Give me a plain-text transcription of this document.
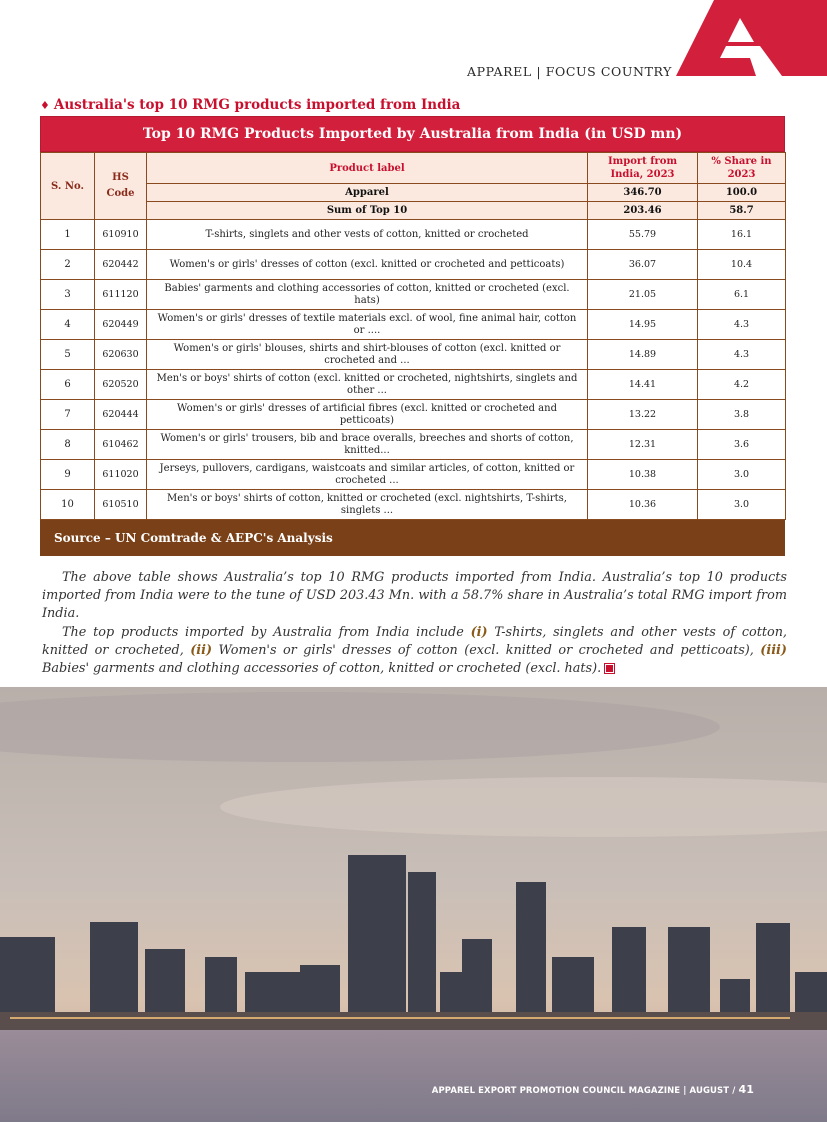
APPAREL | FOCUS COUNTRY
♦ Australia's top 10 RMG products imported from India
Top 10 RMG Products Imported by Australia from India (in USD mn)
S. No.	HS Code	Product label	Import from India, 2023	% Share in 2023
		Apparel	346.70	100.0
		Sum of Top 10	203.46	58.7
1	610910	T-shirts, singlets and other vests of cotton, knitted or crocheted	55.79	16.1
2	620442	Women's or girls' dresses of cotton (excl. knitted or crocheted and petticoats)	36.07	10.4
3	611120	Babies' garments and clothing accessories of cotton, knitted or crocheted (excl. hats)	21.05	6.1
4	620449	Women's or girls' dresses of textile materials excl. of wool, fine animal hair, cotton or ....	14.95	4.3
5	620630	Women's or girls' blouses, shirts and shirt-blouses of cotton (excl. knitted or crocheted and ...	14.89	4.3
6	620520	Men's or boys' shirts of cotton (excl. knitted or crocheted, nightshirts, singlets and other ...	14.41	4.2
7	620444	Women's or girls' dresses of artificial fibres (excl. knitted or crocheted and petticoats)	13.22	3.8
8	610462	Women's or girls' trousers, bib and brace overalls, breeches and shorts of cotton, knitted...	12.31	3.6
9	611020	Jerseys, pullovers, cardigans, waistcoats and similar articles, of cotton, knitted or crocheted ...	10.38	3.0
10	610510	Men's or boys' shirts of cotton, knitted or crocheted (excl. nightshirts, T-shirts, singlets ...	10.36	3.0
Source – UN Comtrade & AEPC's Analysis

The above table shows Australia’s top 10 RMG products imported from India. Australia’s top 10 products imported from India were to the tune of USD 203.43 Mn. with a 58.7% share in Australia’s total RMG import from India.

The top products imported by Australia from India include (i) T-shirts, singlets and other vests of cotton, knitted or crocheted, (ii) Women's or girls' dresses of cotton (excl. knitted or crocheted and petticoats), (iii) Babies' garments and clothing accessories of cotton, knitted or crocheted (excl. hats).

APPAREL EXPORT PROMOTION COUNCIL MAGAZINE | AUGUST / 41
